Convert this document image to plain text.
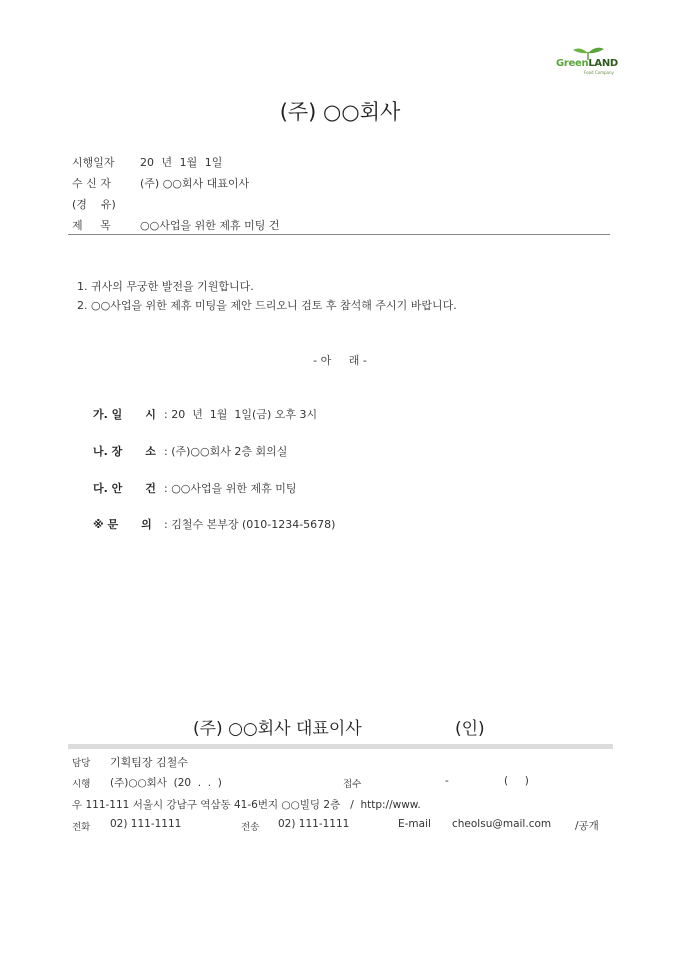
GreenLAND
Food Company
(주) ○○회사
시행일자 20 년 1월 1일
수 신 자	(주) ○○회사 대표이사
(경    유)
제     목	○○사업을 위한 제휴 미팅 건
1. 귀사의 무궁한 발전을 기원합니다.
2. ○○사업을 위한 제휴 미팅을 제안 드리오니 검토 후 참석해 주시기 바랍니다.
- 아     래 -
가. 일      시 : 20  년  1월  1일(금) 오후 3시
나. 장      소 : (주)○○회사 2층 회의실
다. 안      건 : ○○사업을 위한 제휴 미팅
※ 문      의 : 김철수 본부장 (010-1234-5678)
(주) ○○회사 대표이사	(인)
담당 기획팀장 김철수
시행 (주)○○회사  (20  .  .  )	접수	-	(     )
우 111-111 서울시 강남구 역삼동 41-6번지 ○○빌딩 2층   /  http://www.
전화 02) 111-1111	전송 02) 111-1111	E-mail cheolsu@mail.com /공개
